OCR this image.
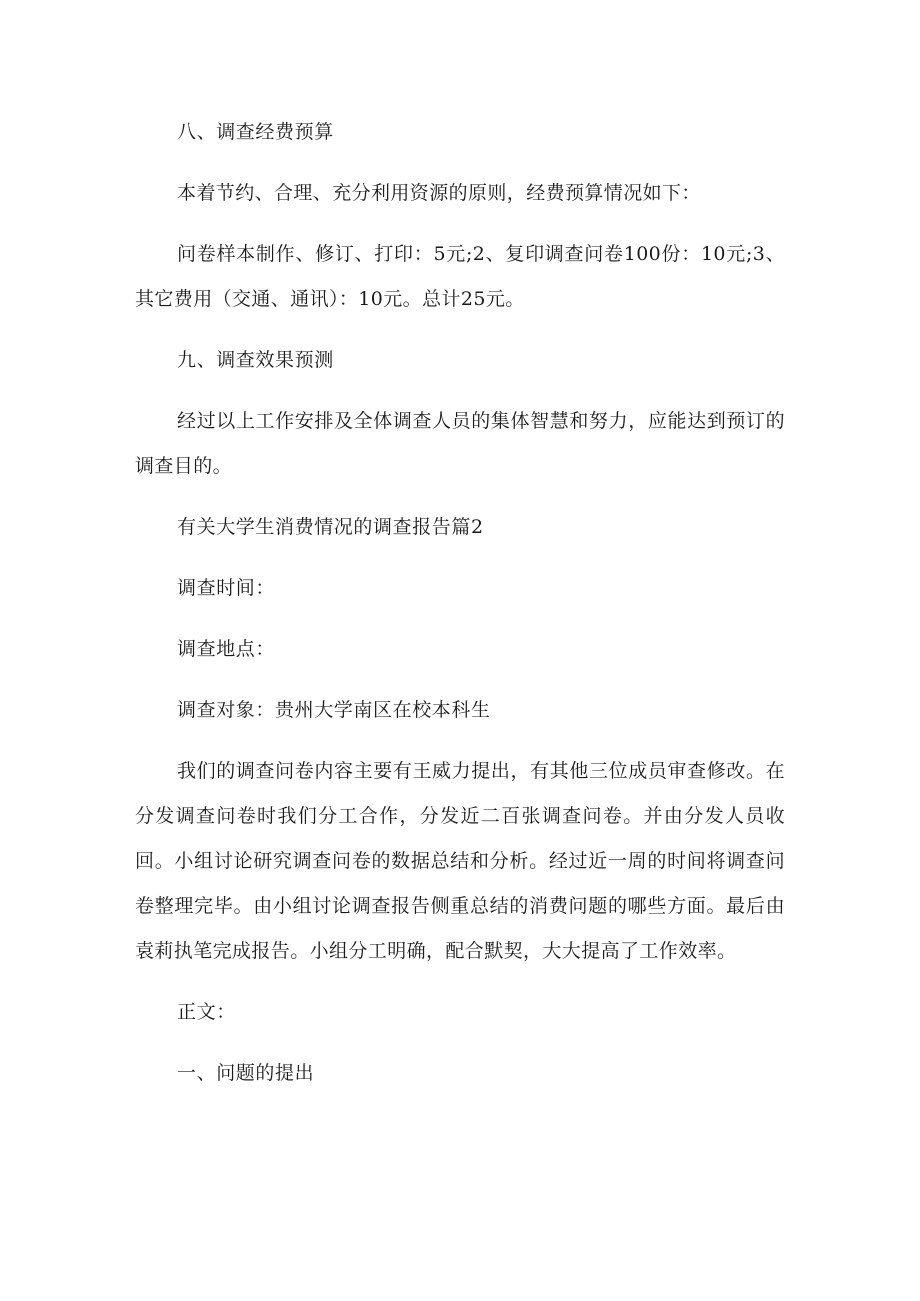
八、调查经费预算
本着节约、合理、充分利用资源的原则，经费预算情况如下：
问卷样本制作、修订、打印：5元;2、复印调查问卷100份：10元;3、其它费用（交通、通讯）：10元。总计25元。
九、调查效果预测
经过以上工作安排及全体调查人员的集体智慧和努力，应能达到预订的调查目的。
有关大学生消费情况的调查报告篇2
调查时间：
调查地点：
调查对象：贵州大学南区在校本科生
我们的调查问卷内容主要有王威力提出，有其他三位成员审查修改。在分发调查问卷时我们分工合作，分发近二百张调查问卷。并由分发人员收回。小组讨论研究调查问卷的数据总结和分析。经过近一周的时间将调查问卷整理完毕。由小组讨论调查报告侧重总结的消费问题的哪些方面。最后由袁莉执笔完成报告。小组分工明确，配合默契，大大提高了工作效率。
正文：
一、问题的提出
